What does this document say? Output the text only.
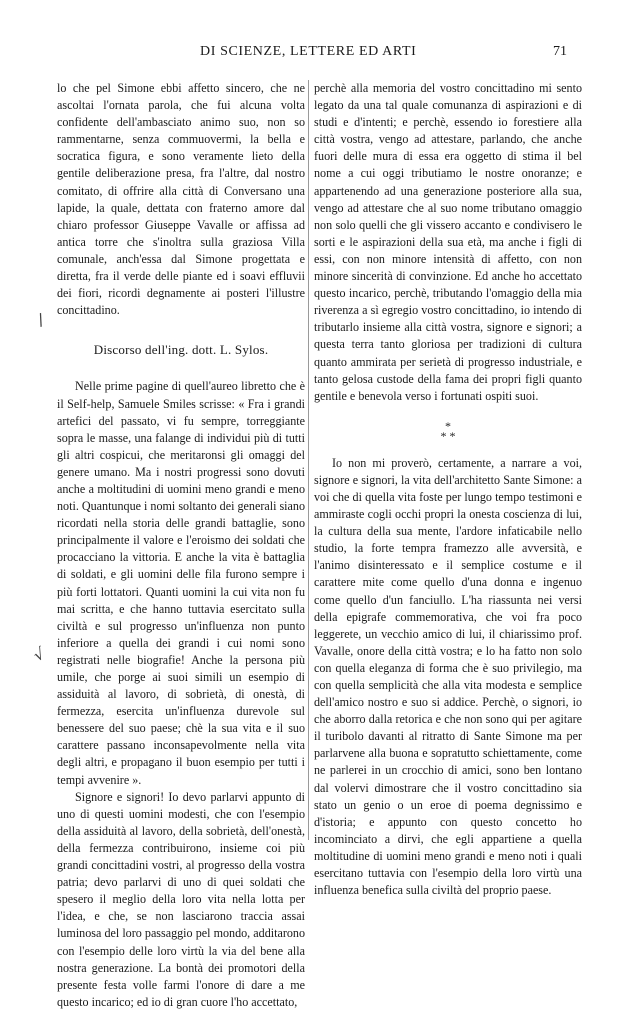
DI SCIENZE, LETTERE ED ARTI	71

lo che pel Simone ebbi affetto sincero, che ne ascoltai l'ornata parola, che fui alcuna volta confidente dell'ambasciato animo suo, non so rammentarne, senza commuovermi, la bella e socratica figura, e sono veramente lieto della gentile deliberazione presa, fra l'altre, dal nostro comitato, di offrire alla città di Conversano una lapide, la quale, dettata con fraterno amore dal chiaro professor Giuseppe Vavalle or affissa ad antica torre che s'inoltra sulla graziosa Villa comunale, anch'essa dal Simone progettata e diretta, fra il verde delle piante ed i soavi effluvii dei fiori, ricordi degnamente ai posteri l'illustre concittadino.

Discorso dell'ing. dott. L. Sylos.

Nelle prime pagine di quell'aureo libretto che è il Self-help, Samuele Smiles scrisse: « Fra i grandi artefici del passato, vi fu sempre, torreggiante sopra le masse, una falange di individui più di tutti gli altri cospicui, che meritaronsi gli omaggi del genere umano. Ma i nostri progressi sono dovuti anche a moltitudini di uomini meno grandi e meno noti. Quantunque i nomi soltanto dei generali siano ricordati nella storia delle grandi battaglie, sono principalmente il valore e l'eroismo dei soldati che procacciano la vittoria. E anche la vita è battaglia di soldati, e gli uomini delle fila furono sempre i più forti lottatori. Quanti uomini la cui vita non fu mai scritta, e che hanno tuttavia esercitato sulla civiltà e sul progresso un'influenza non punto inferiore a quella dei grandi i cui nomi sono registrati nelle biografie! Anche la persona più umile, che porge ai suoi simili un esempio di assiduità al lavoro, di sobrietà, di onestà, di fermezza, esercita un'influenza durevole sul benessere del suo paese; chè la sua vita e il suo carattere passano inconsapevolmente nella vita degli altri, e propagano il buon esempio per tutti i tempi avvenire ».

Signore e signori! Io devo parlarvi appunto di uno di questi uomini modesti, che con l'esempio della assiduità al lavoro, della sobrietà, dell'onestà, della fermezza contribuirono, insieme coi più grandi concittadini vostri, al progresso della vostra patria; devo parlarvi di uno di quei soldati che spesero il meglio della loro vita nella lotta per l'idea, e che, se non lasciarono traccia assai luminosa del loro passaggio pel mondo, additarono con l'esempio delle loro virtù la via del bene alla nostra generazione. La bontà dei promotori della presente festa volle farmi l'onore di dare a me questo incarico; ed io di gran cuore l'ho accettato,

perchè alla memoria del vostro concittadino mi sento legato da una tal quale comunanza di aspirazioni e di studi e d'intenti; e perchè, essendo io forestiere alla città vostra, vengo ad attestare, parlando, che anche fuori delle mura di essa era oggetto di stima il bel nome a cui oggi tributiamo le nostre onoranze; e appartenendo ad una generazione posteriore alla sua, vengo ad attestare che al suo nome tributano omaggio non solo quelli che gli vissero accanto e condivisero le sorti e le aspirazioni della sua età, ma anche i figli di essi, con non minore intensità di affetto, con non minore sincerità di convinzione. Ed anche ho accettato questo incarico, perchè, tributando l'omaggio della mia riverenza a sì egregio vostro concittadino, io intendo di tributarlo insieme alla città vostra, signore e signori; a questa terra tanto gloriosa per tradizioni di cultura quanto ammirata per serietà di progresso industriale, e tanto gelosa custode della fama dei propri figli quanto gentile e benevola verso i fortunati ospiti suoi.

*
* *

Io non mi proverò, certamente, a narrare a voi, signore e signori, la vita dell'architetto Sante Simone: a voi che di quella vita foste per lungo tempo testimoni e ammiraste cogli occhi propri la onesta coscienza di lui, la cultura della sua mente, l'ardore infaticabile nello studio, la forte tempra framezzo alle avversità, e l'animo disinteressato e il semplice costume e il carattere mite come quello d'una donna e ingenuo come quello d'un fanciullo. L'ha riassunta nei versi della epigrafe commemorativa, che voi fra poco leggerete, un vecchio amico di lui, il chiarissimo prof. Vavalle, onore della città vostra; e lo ha fatto non solo con quella eleganza di forma che è suo privilegio, ma con quella semplicità che alla vita modesta e semplice dell'amico nostro e suo si addice. Perchè, o signori, io che aborro dalla retorica e che non sono qui per agitare il turibolo davanti al ritratto di Sante Simone ma per parlarvene alla buona e sopratutto schiettamente, come ne parlerei in un crocchio di amici, sono ben lontano dal volervi dimostrare che il vostro concittadino sia stato un genio o un eroe di poema degnissimo e d'istoria; e appunto con questo concetto ho incominciato a dirvi, che egli appartiene a quella moltitudine di uomini meno grandi e meno noti i quali esercitano tuttavia con l'esempio della loro virtù una influenza benefica sulla civiltà del proprio paese.

/
√
